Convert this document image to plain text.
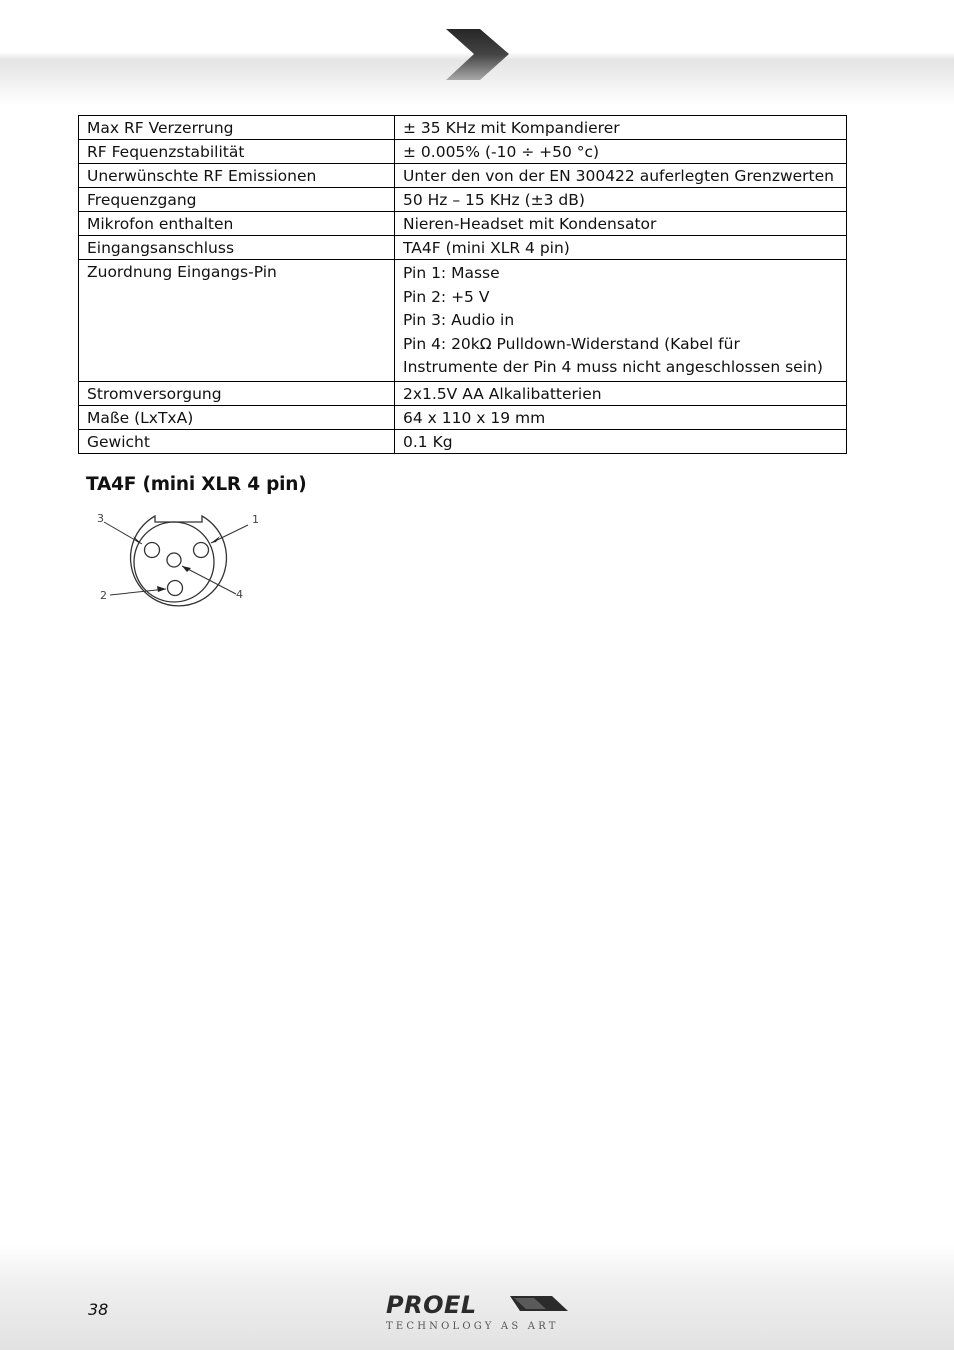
Max RF Verzerrung	± 35 KHz mit Kompandierer
RF Fequenzstabilität	± 0.005% (-10 ÷ +50 °c)
Unerwünschte RF Emissionen	Unter den von der EN 300422 auferlegten Grenzwerten
Frequenzgang	50 Hz – 15 KHz (±3 dB)
Mikrofon enthalten	Nieren-Headset mit Kondensator
Eingangsanschluss	TA4F (mini XLR 4 pin)
Zuordnung Eingangs-Pin	Pin 1: Masse
Pin 2: +5 V
Pin 3: Audio in
Pin 4: 20kΩ Pulldown-Widerstand (Kabel für
Instrumente der Pin 4 muss nicht angeschlossen sein)

Stromversorgung	2x1.5V AA Alkalibatterien
Maße (LxTxA)	64 x 110 x 19 mm
Gewicht	0.1 Kg
TA4F (mini XLR 4 pin)
3	1
4
2
38	PROEL
TECHNOLOGY AS ART
